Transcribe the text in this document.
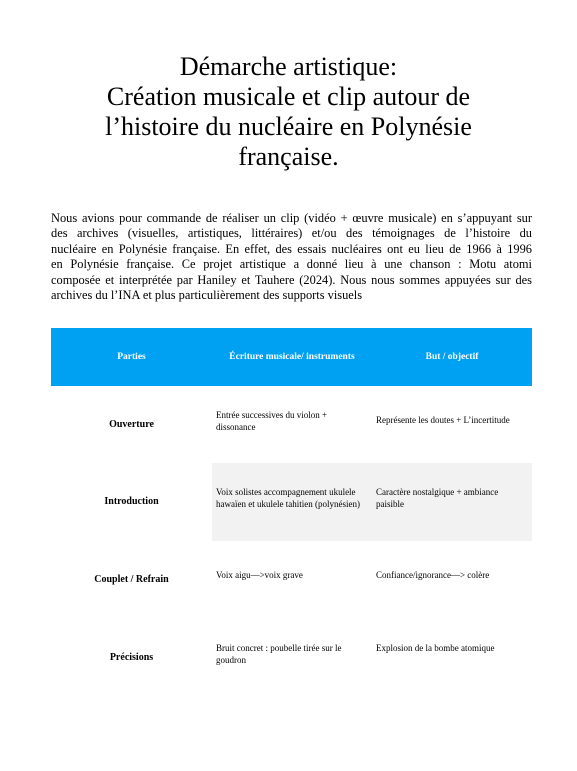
Démarche artistique:
Création musicale et clip autour de
l’histoire du nucléaire en Polynésie
française.
Nous avions pour commande de réaliser un clip (vidéo + œuvre musicale) en s’appuyant sur
des archives (visuelles, artistiques, littéraires) et/ou des témoignages de l’histoire du
nucléaire en Polynésie française. En effet, des essais nucléaires ont eu lieu de 1966 à 1996
en Polynésie française. Ce projet artistique a donné lieu à une chanson : Motu atomi
composée et interprétée par Haniley et Tauhere (2024). Nous nous sommes appuyées sur des
archives du l’INA et plus particulièrement des supports visuels
Parties	Écriture musicale/ instruments	But / objectif

Ouverture	Entrée successives du violon + dissonance	Représente les doutes + L’incertitude

Introduction	Voix solistes accompagnement ukulele hawaïen et ukulele tahitien (polynésien)	Caractère nostalgique + ambiance paisible

Couplet / Refrain	Voix aigu—>voix grave	Confiance/ignorance—> colère

Précisions	Bruit concret : poubelle tirée sur le goudron	Explosion de la bombe atomique
